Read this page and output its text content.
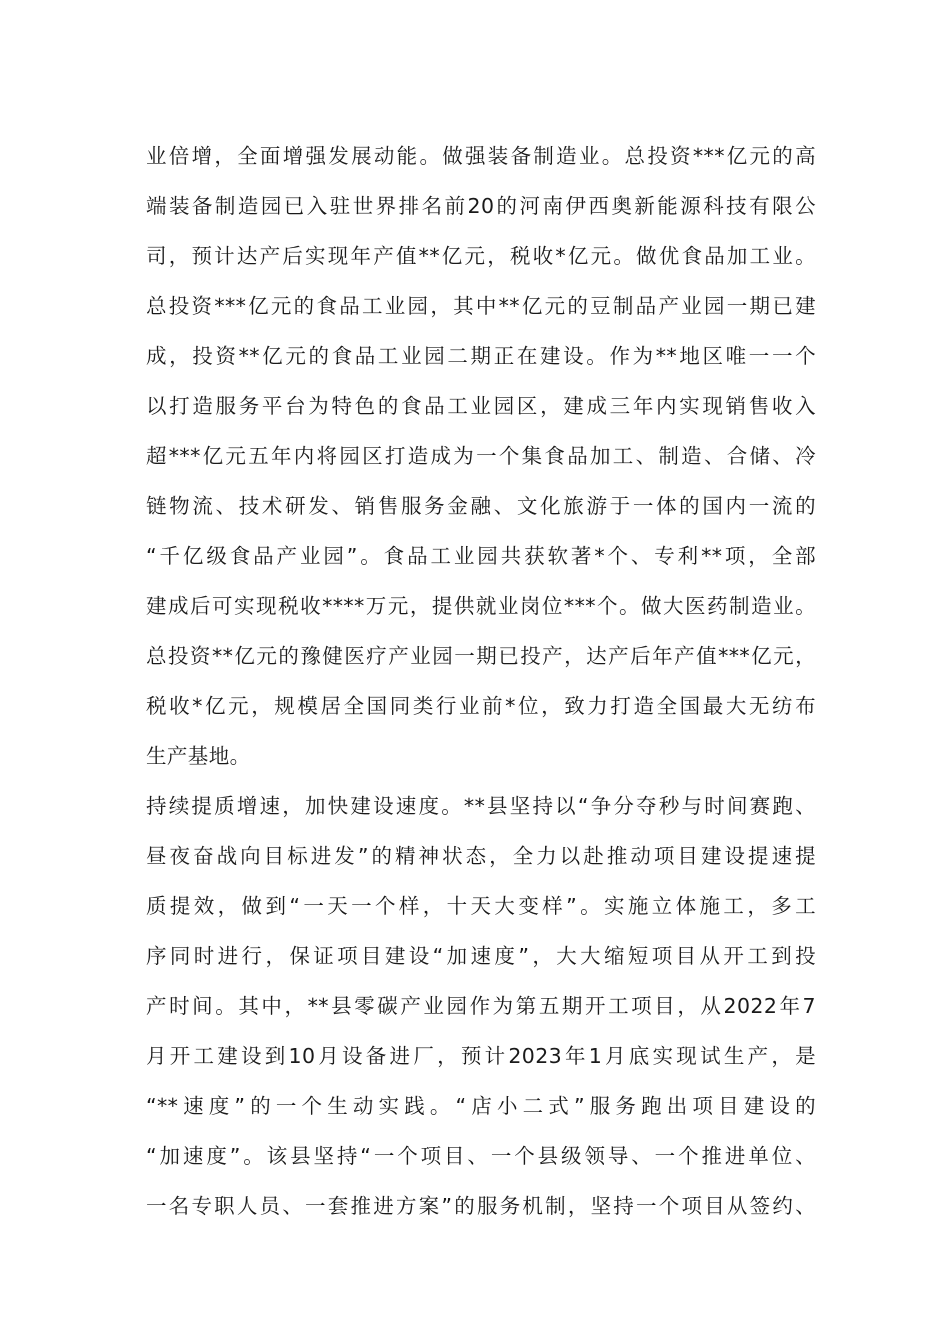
业倍增，全面增强发展动能。做强装备制造业。总投资***亿元的高
端装备制造园已入驻世界排名前20的河南伊西奥新能源科技有限公
司，预计达产后实现年产值**亿元，税收*亿元。做优食品加工业。
总投资***亿元的食品工业园，其中**亿元的豆制品产业园一期已建
成，投资**亿元的食品工业园二期正在建设。作为**地区唯一一个
以打造服务平台为特色的食品工业园区，建成三年内实现销售收入
超***亿元五年内将园区打造成为一个集食品加工、制造、合储、冷
链物流、技术研发、销售服务金融、文化旅游于一体的国内一流的
“千亿级食品产业园”。食品工业园共获软著*个、专利**项，全部
建成后可实现税收****万元，提供就业岗位***个。做大医药制造业。
总投资**亿元的豫健医疗产业园一期已投产，达产后年产值***亿元，
税收*亿元，规模居全国同类行业前*位，致力打造全国最大无纺布
生产基地。
持续提质增速，加快建设速度。**县坚持以“争分夺秒与时间赛跑、
昼夜奋战向目标进发”的精神状态，全力以赴推动项目建设提速提
质提效，做到“一天一个样，十天大变样”。实施立体施工，多工
序同时进行，保证项目建设“加速度”，大大缩短项目从开工到投
产时间。其中，**县零碳产业园作为第五期开工项目，从2022年7
月开工建设到10月设备进厂，预计2023年1月底实现试生产，是
“**速度”的一个生动实践。“店小二式”服务跑出项目建设的
“加速度”。该县坚持“一个项目、一个县级领导、一个推进单位、
一名专职人员、一套推进方案”的服务机制，坚持一个项目从签约、
